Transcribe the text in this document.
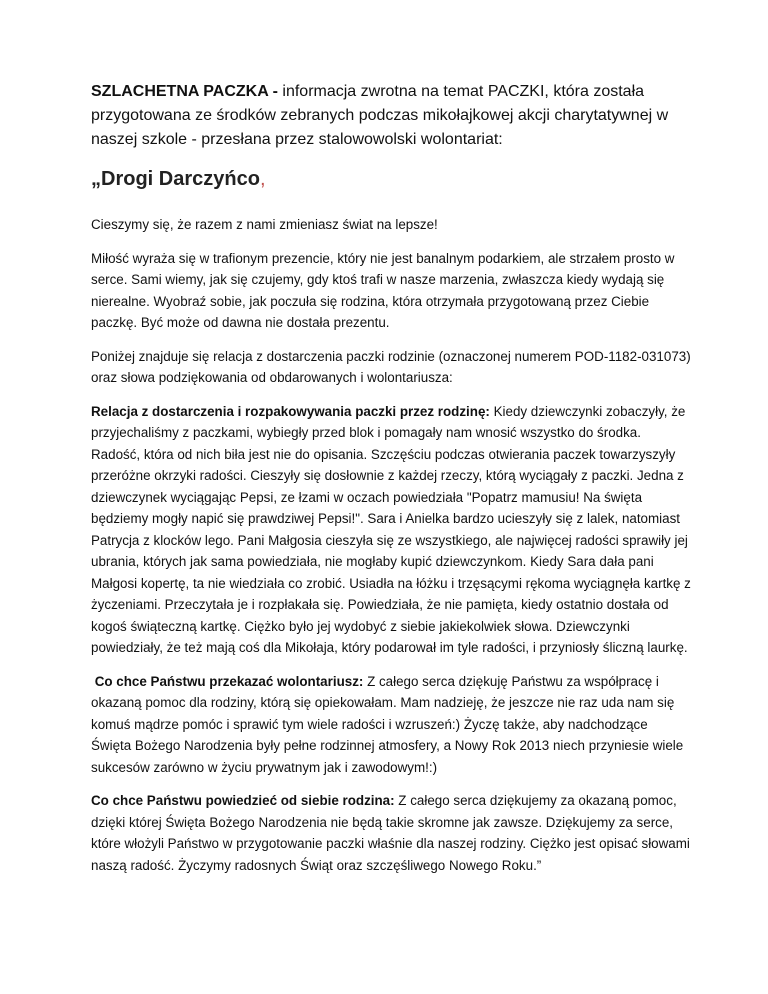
SZLACHETNA PACZKA - informacja zwrotna na temat PACZKI, która została przygotowana ze środków zebranych podczas mikołajkowej akcji charytatywnej w naszej szkole - przesłana przez stalowowolski wolontariat:

„Drogi Darczyńco,

Cieszymy się, że razem z nami zmieniasz świat na lepsze!

Miłość wyraża się w trafionym prezencie, który nie jest banalnym podarkiem, ale strzałem prosto w serce. Sami wiemy, jak się czujemy, gdy ktoś trafi w nasze marzenia, zwłaszcza kiedy wydają się nierealne. Wyobraź sobie, jak poczuła się rodzina, która otrzymała przygotowaną przez Ciebie paczkę. Być może od dawna nie dostała prezentu.

Poniżej znajduje się relacja z dostarczenia paczki rodzinie (oznaczonej numerem POD-1182-031073) oraz słowa podziękowania od obdarowanych i wolontariusza:

Relacja z dostarczenia i rozpakowywania paczki przez rodzinę: Kiedy dziewczynki zobaczyły, że przyjechaliśmy z paczkami, wybiegły przed blok i pomagały nam wnosić wszystko do środka. Radość, która od nich biła jest nie do opisania. Szczęściu podczas otwierania paczek towarzyszyły przeróżne okrzyki radości. Cieszyły się dosłownie z każdej rzeczy, którą wyciągały z paczki. Jedna z dziewczynek wyciągając Pepsi, ze łzami w oczach powiedziała "Popatrz mamusiu! Na święta będziemy mogły napić się prawdziwej Pepsi!". Sara i Anielka bardzo ucieszyły się z lalek, natomiast Patrycja z klocków lego. Pani Małgosia cieszyła się ze wszystkiego, ale najwięcej radości sprawiły jej ubrania, których jak sama powiedziała, nie mogłaby kupić dziewczynkom. Kiedy Sara dała pani Małgosi kopertę, ta nie wiedziała co zrobić. Usiadła na łóżku i trzęsącymi rękoma wyciągnęła kartkę z życzeniami. Przeczytała je i rozpłakała się. Powiedziała, że nie pamięta, kiedy ostatnio dostała od kogoś świąteczną kartkę. Ciężko było jej wydobyć z siebie jakiekolwiek słowa. Dziewczynki powiedziały, że też mają coś dla Mikołaja, który podarował im tyle radości, i przyniosły śliczną laurkę.

Co chce Państwu przekazać wolontariusz: Z całego serca dziękuję Państwu za współpracę i okazaną pomoc dla rodziny, którą się opiekowałam. Mam nadzieję, że jeszcze nie raz uda nam się komuś mądrze pomóc i sprawić tym wiele radości i wzruszeń:) Życzę także, aby nadchodzące Święta Bożego Narodzenia były pełne rodzinnej atmosfery, a Nowy Rok 2013 niech przyniesie wiele sukcesów zarówno w życiu prywatnym jak i zawodowym!:)

Co chce Państwu powiedzieć od siebie rodzina: Z całego serca dziękujemy za okazaną pomoc, dzięki której Święta Bożego Narodzenia nie będą takie skromne jak zawsze. Dziękujemy za serce, które włożyli Państwo w przygotowanie paczki właśnie dla naszej rodziny. Ciężko jest opisać słowami naszą radość. Życzymy radosnych Świąt oraz szczęśliwego Nowego Roku.”
